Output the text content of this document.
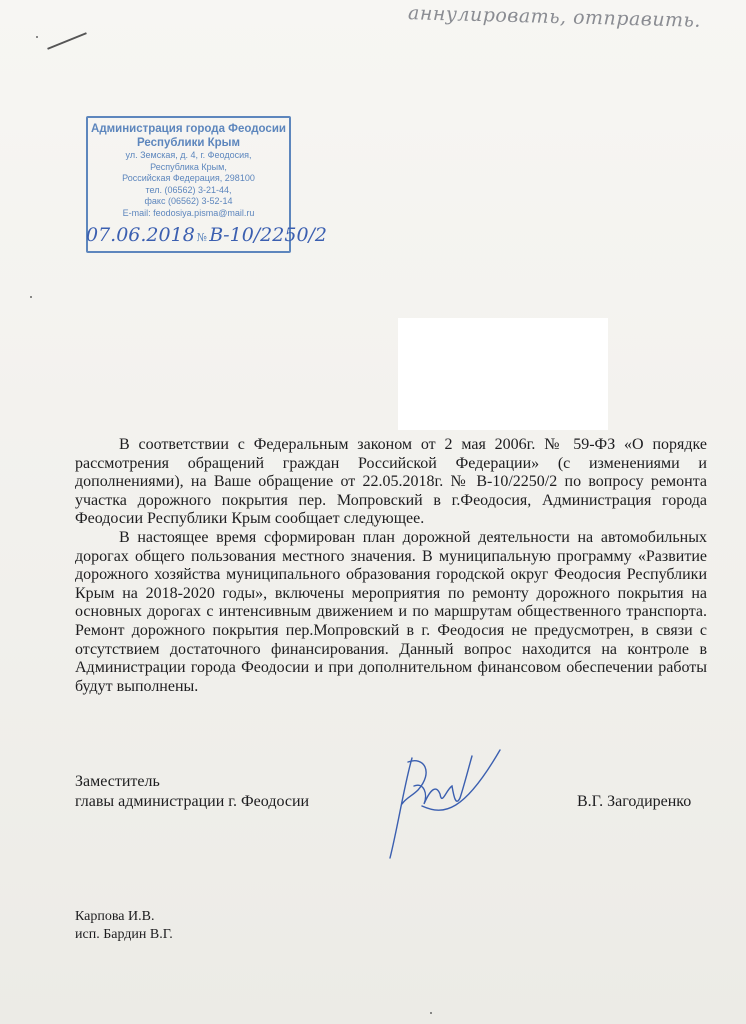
аннулировать, отправить.
Администрация города Феодосии
Республики Крым
ул. Земская, д. 4, г. Феодосия,
Республика Крым,
Российская Федерация, 298100
тел. (06562) 3-21-44,
факс (06562) 3-52-14
E-mail: feodosiya.pisma@mail.ru
07.06.2018 № В-10/2250/2

В соответствии с Федеральным законом от 2 мая 2006г. № 59-ФЗ «О порядке рассмотрения обращений граждан Российской Федерации» (с изменениями и дополнениями), на Ваше обращение от 22.05.2018г. № В-10/2250/2 по вопросу ремонта участка дорожного покрытия пер. Мопровский в г.Феодосия, Администрация города Феодосии Республики Крым сообщает следующее.

В настоящее время сформирован план дорожной деятельности на автомобильных дорогах общего пользования местного значения. В муниципальную программу «Развитие дорожного хозяйства муниципального образования городской округ Феодосия Республики Крым на 2018-2020 годы», включены мероприятия по ремонту дорожного покрытия на основных дорогах с интенсивным движением и по маршрутам общественного транспорта. Ремонт дорожного покрытия пер.Мопровский в г. Феодосия не предусмотрен, в связи с отсутствием достаточного финансирования. Данный вопрос находится на контроле в Администрации города Феодосии и при дополнительном финансовом обеспечении работы будут выполнены.

Заместитель
главы администрации г. Феодосии	В.Г. Загодиренко
Карпова И.В.
исп. Бардин В.Г.
